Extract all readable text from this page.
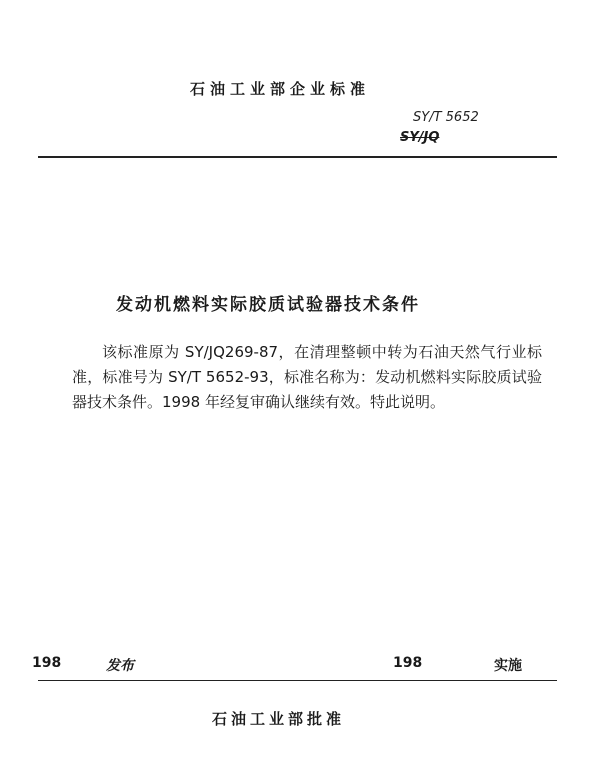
石油工业部企业标准
SY/T 5652
SY/JQ
发动机燃料实际胶质试验器技术条件
该标准原为 SY/JQ269-87，在清理整顿中转为石油天然气行业标准，标准号为 SY/T 5652-93，标准名称为：发动机燃料实际胶质试验器技术条件。1998 年经复审确认继续有效。特此说明。
198	发布	198	实施
石油工业部批准
